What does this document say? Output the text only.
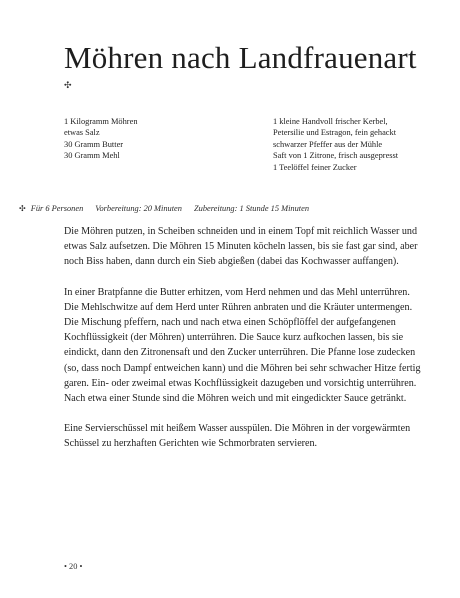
Möhren nach Landfrauenart
✣
1 Kilogramm Möhren
etwas Salz
30 Gramm Butter
30 Gramm Mehl
1 kleine Handvoll frischer Kerbel,
Petersilie und Estragon, fein gehackt
schwarzer Pfeffer aus der Mühle
Saft von 1 Zitrone, frisch ausgepresst
1 Teelöffel feiner Zucker
✣ Für 6 Personen Vorbereitung: 20 Minuten Zubereitung: 1 Stunde 15 Minuten

Die Möhren putzen, in Scheiben schneiden und in einem Topf mit reichlich Wasser und
etwas Salz aufsetzen. Die Möhren 15 Minuten köcheln lassen, bis sie fast gar sind, aber
noch Biss haben, dann durch ein Sieb abgießen (dabei das Kochwasser auffangen).

In einer Bratpfanne die Butter erhitzen, vom Herd nehmen und das Mehl unterrühren.
Die Mehlschwitze auf dem Herd unter Rühren anbraten und die Kräuter untermengen.
Die Mischung pfeffern, nach und nach etwa einen Schöpflöffel der aufgefangenen
Kochflüssigkeit (der Möhren) unterrühren. Die Sauce kurz aufkochen lassen, bis sie
eindickt, dann den Zitronensaft und den Zucker unterrühren. Die Pfanne lose zudecken
(so, dass noch Dampf entweichen kann) und die Möhren bei sehr schwacher Hitze fertig
garen. Ein- oder zweimal etwas Kochflüssigkeit dazugeben und vorsichtig unterrühren.
Nach etwa einer Stunde sind die Möhren weich und mit eingedickter Sauce getränkt.

Eine Servierschüssel mit heißem Wasser ausspülen. Die Möhren in der vorgewärmten
Schüssel zu herzhaften Gerichten wie Schmorbraten servieren.

• 20 •
